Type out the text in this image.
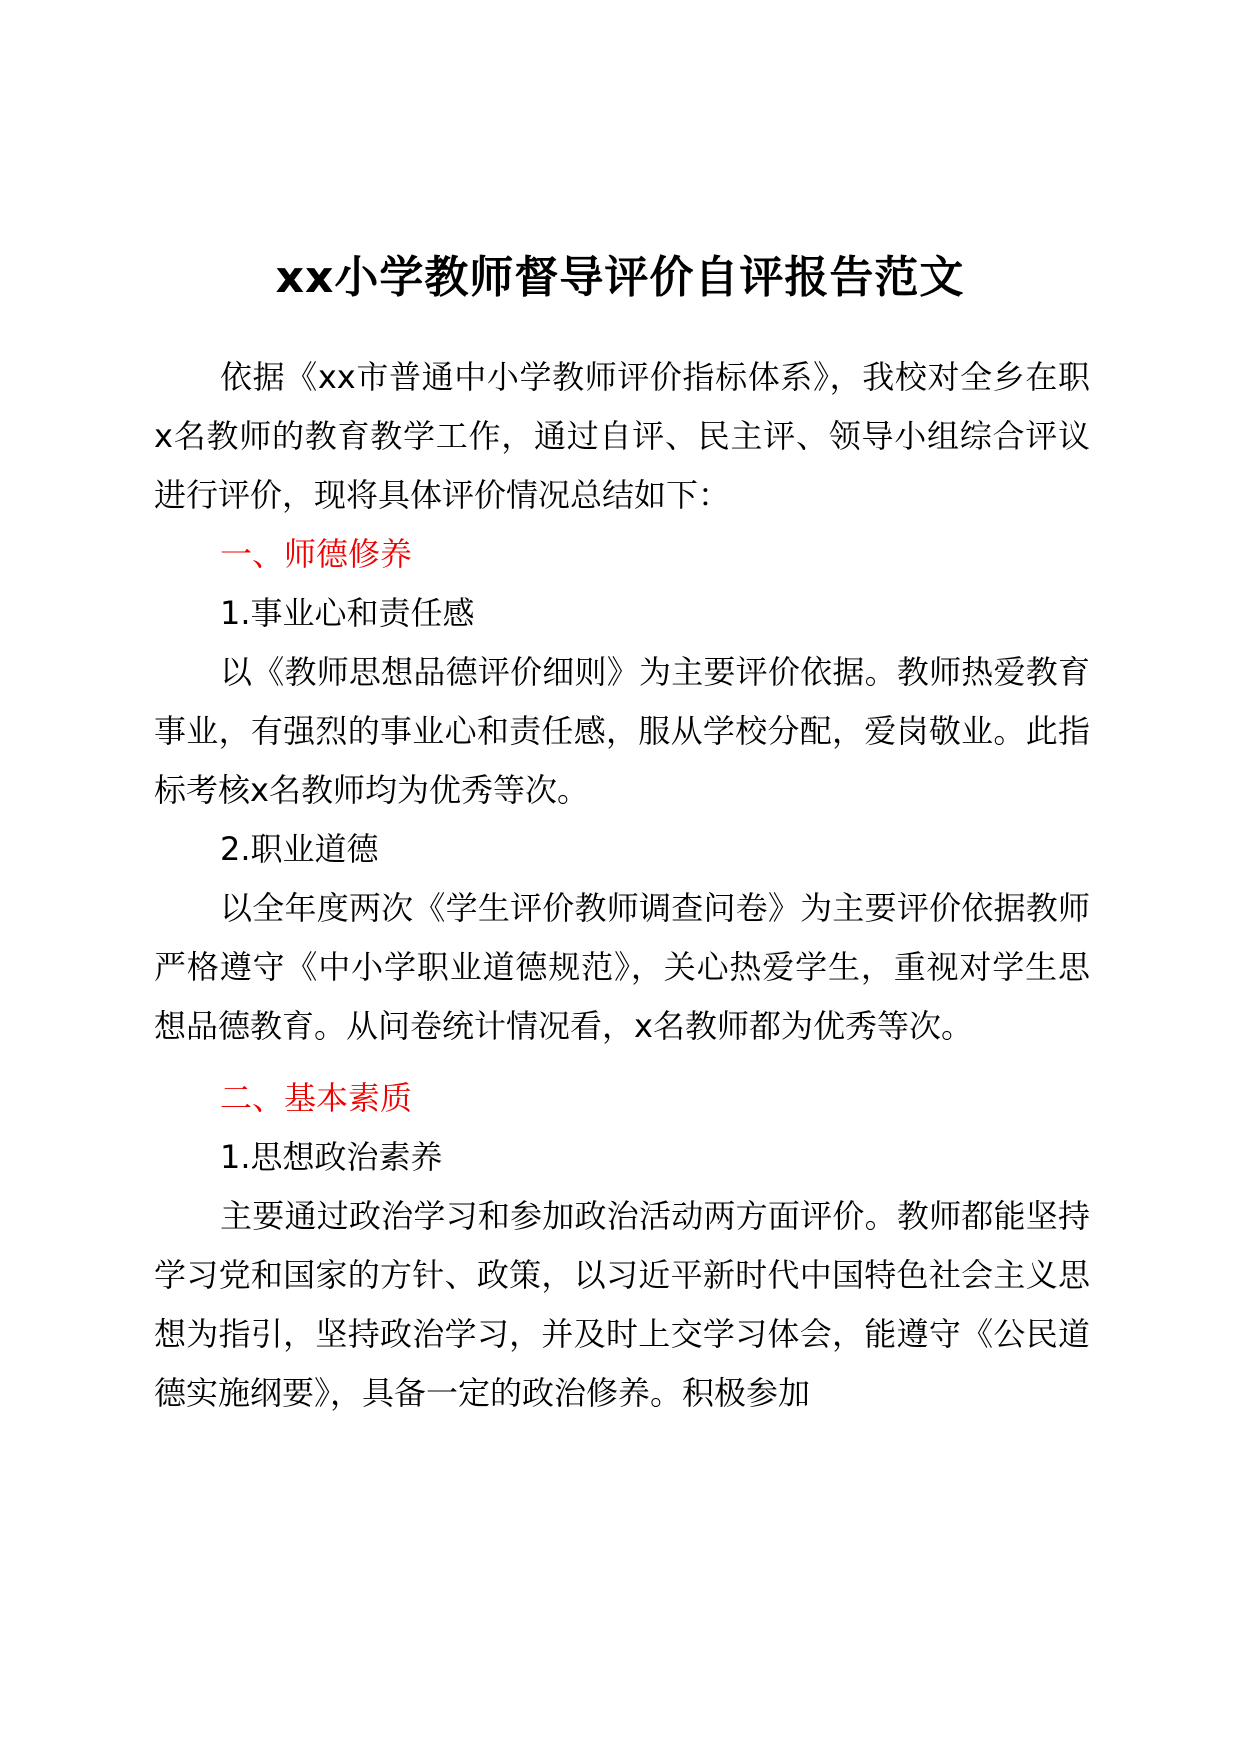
xx小学教师督导评价自评报告范文

依据《xx市普通中小学教师评价指标体系》，我校对全乡在职x名教师的教育教学工作，通过自评、民主评、领导小组综合评议进行评价，现将具体评价情况总结如下：

一、师德修养

1.事业心和责任感

以《教师思想品德评价细则》为主要评价依据。教师热爱教育事业，有强烈的事业心和责任感，服从学校分配，爱岗敬业。此指标考核x名教师均为优秀等次。

2.职业道德

以全年度两次《学生评价教师调查问卷》为主要评价依据教师严格遵守《中小学职业道德规范》，关心热爱学生，重视对学生思想品德教育。从问卷统计情况看，x名教师都为优秀等次。

二、基本素质

1.思想政治素养

主要通过政治学习和参加政治活动两方面评价。教师都能坚持学习党和国家的方针、政策，以习近平新时代中国特色社会主义思想为指引，坚持政治学习，并及时上交学习体会，能遵守《公民道德实施纲要》，具备一定的政治修养。积极参加
